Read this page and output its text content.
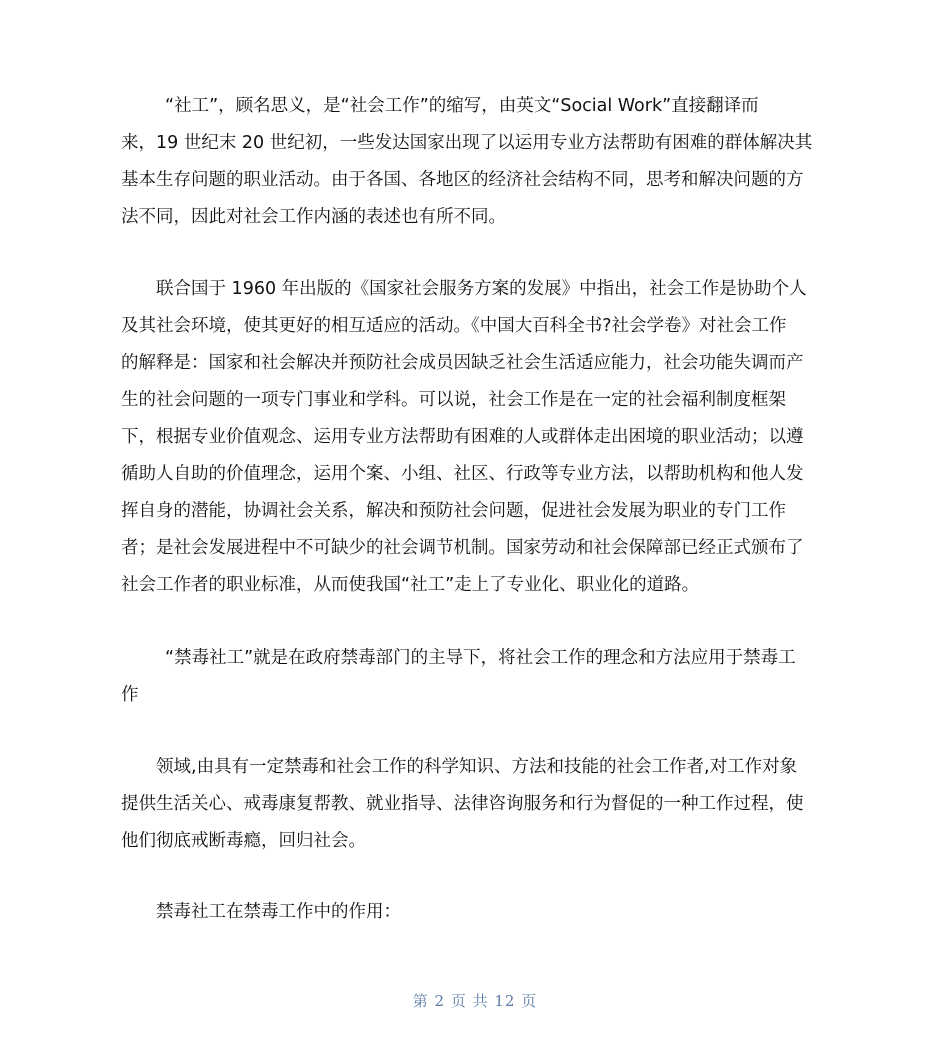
“社工”，顾名思义，是“社会工作”的缩写，由英文“Social Work”直接翻译而
来，19 世纪末 20 世纪初，一些发达国家出现了以运用专业方法帮助有困难的群体解决其
基本生存问题的职业活动。由于各国、各地区的经济社会结构不同，思考和解决问题的方
法不同，因此对社会工作内涵的表述也有所不同。
联合国于 1960 年出版的《国家社会服务方案的发展》中指出，社会工作是协助个人
及其社会环境，使其更好的相互适应的活动。《中国大百科全书?社会学卷》对社会工作
的解释是：国家和社会解决并预防社会成员因缺乏社会生活适应能力，社会功能失调而产
生的社会问题的一项专门事业和学科。可以说，社会工作是在一定的社会福利制度框架
下，根据专业价值观念、运用专业方法帮助有困难的人或群体走出困境的职业活动；以遵
循助人自助的价值理念，运用个案、小组、社区、行政等专业方法，以帮助机构和他人发
挥自身的潜能，协调社会关系，解决和预防社会问题，促进社会发展为职业的专门工作
者；是社会发展进程中不可缺少的社会调节机制。国家劳动和社会保障部已经正式颁布了
社会工作者的职业标准，从而使我国“社工”走上了专业化、职业化的道路。
“禁毒社工”就是在政府禁毒部门的主导下，将社会工作的理念和方法应用于禁毒工
作
领域,由具有一定禁毒和社会工作的科学知识、方法和技能的社会工作者,对工作对象
提供生活关心、戒毒康复帮教、就业指导、法律咨询服务和行为督促的一种工作过程，使
他们彻底戒断毒瘾，回归社会。
禁毒社工在禁毒工作中的作用：
第 2 页 共 12 页
